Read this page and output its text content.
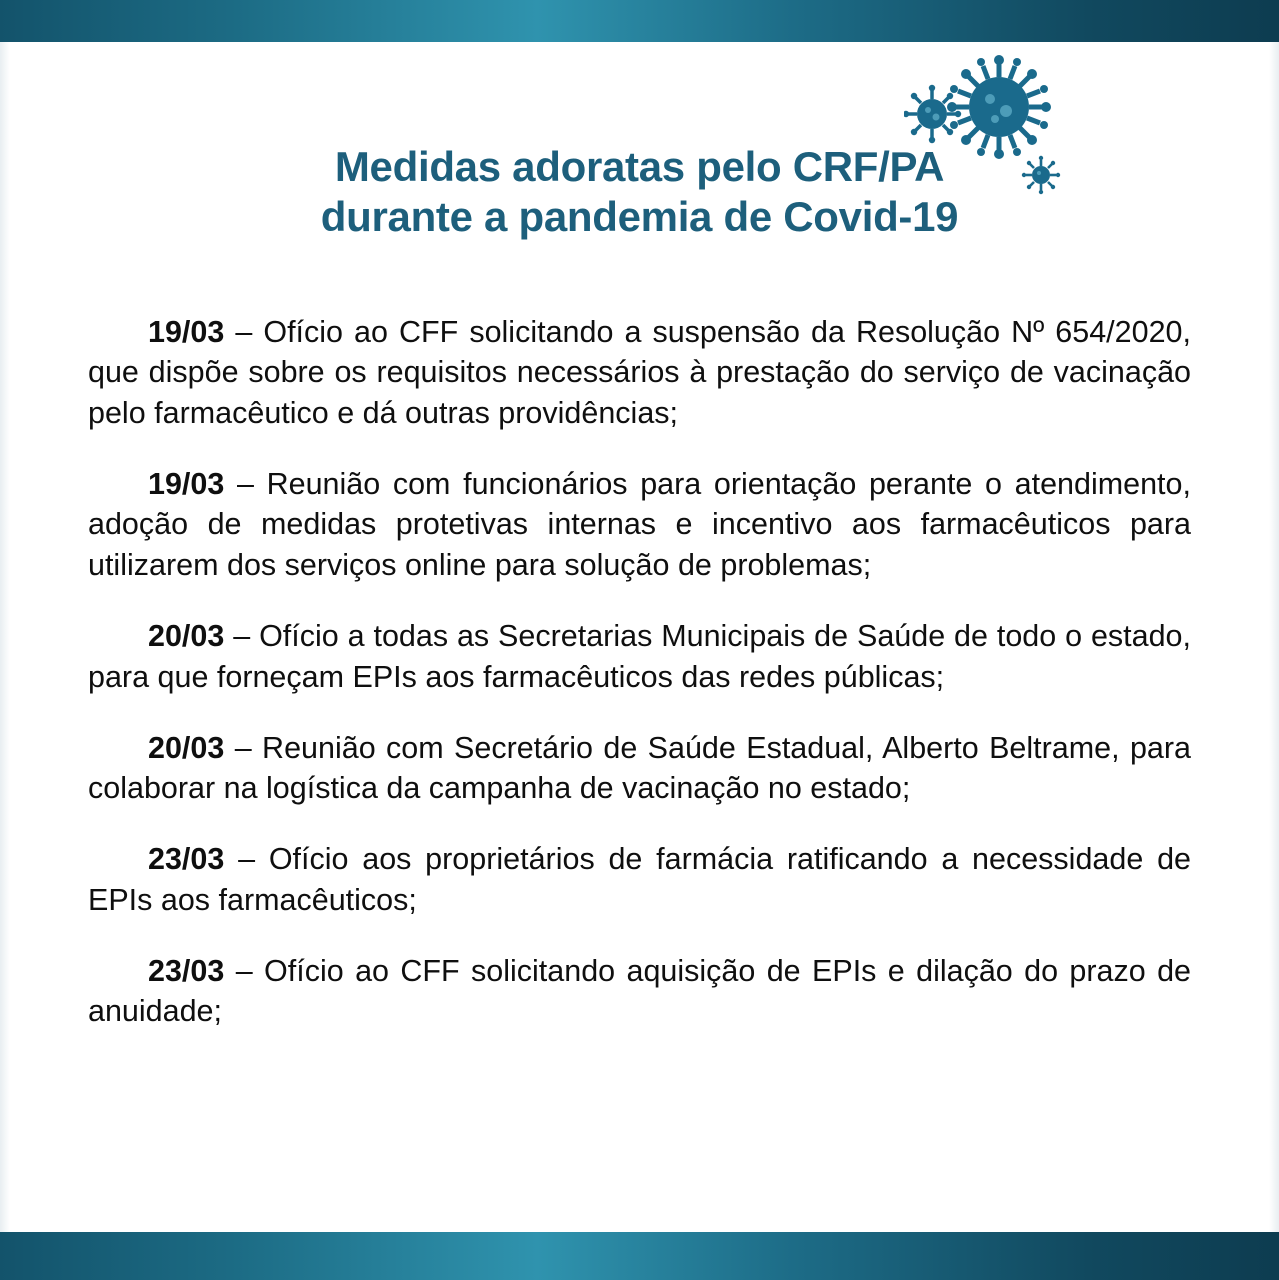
Medidas adoratas pelo CRF/PA
durante a pandemia de Covid-19

19/03 – Ofício ao CFF solicitando a suspensão da Resolução Nº 654/2020, que dispõe sobre os requisitos necessários à prestação do serviço de vacinação pelo farmacêutico e dá outras providências;

19/03 – Reunião com funcionários para orientação perante o atendimento, adoção de medidas protetivas internas e incentivo aos farmacêuticos para utilizarem dos serviços online para solução de problemas;

20/03 – Ofício a todas as Secretarias Municipais de Saúde de todo o estado, para que forneçam EPIs aos farmacêuticos das redes públicas;

20/03 – Reunião com Secretário de Saúde Estadual, Alberto Beltrame, para colaborar na logística da campanha de vacinação no estado;

23/03 – Ofício aos proprietários de farmácia ratificando a necessidade de EPIs aos farmacêuticos;

23/03 – Ofício ao CFF solicitando aquisição de EPIs e dilação do prazo de anuidade;
